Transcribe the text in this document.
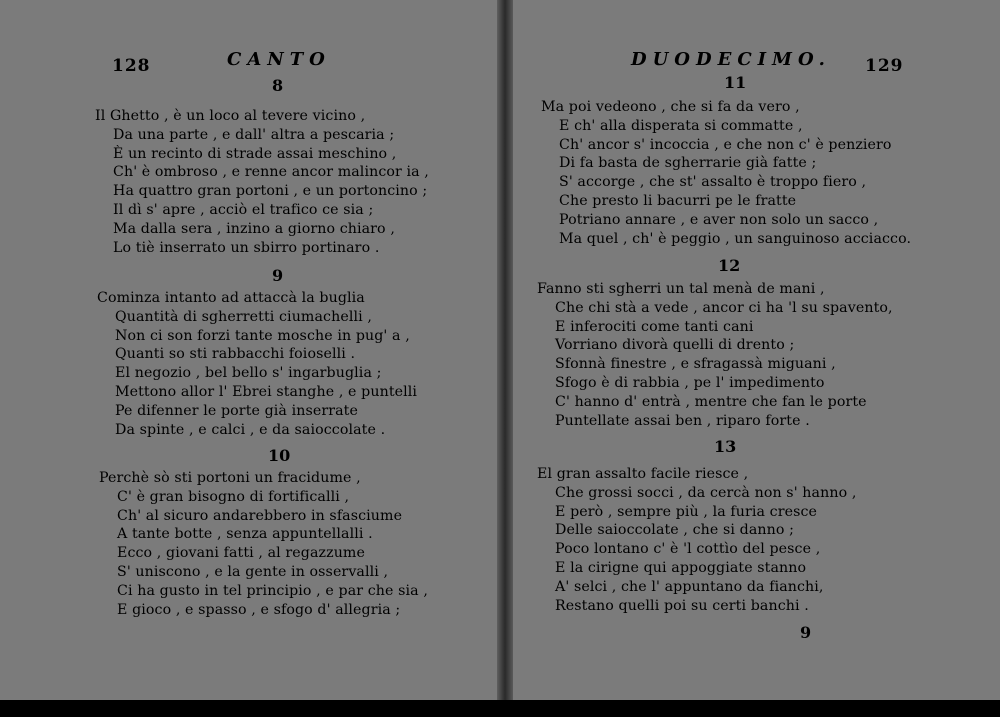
128	CANTO
8
Il Ghetto , è un loco al tevere vicino ,
Da una parte , e dall' altra a pescaria ;
È un recinto di strade assai meschino ,
Ch' è ombroso , e renne ancor malincor ia ,
Ha quattro gran portoni , e un portoncino ;
Il dì s' apre , acciò el trafico ce sia ;
Ma dalla sera , inzino a giorno chiaro ,
Lo tiè inserrato un sbirro portinaro .
9
Cominza intanto ad attaccà la buglia
Quantità di sgherretti ciumachelli ,
Non ci son forzi tante mosche in pug' a ,
Quanti so sti rabbacchi foioselli .
El negozio , bel bello s' ingarbuglia ;
Mettono allor l' Ebrei stanghe , e puntelli
Pe difenner le porte già inserrate
Da spinte , e calci , e da saioccolate .
10
Perchè sò sti portoni un fracidume ,
C' è gran bisogno di fortificalli ,
Ch' al sicuro andarebbero in sfasciume
A tante botte , senza appuntellalli .
Ecco , giovani fatti , al regazzume
S' uniscono , e la gente in osservalli ,
Ci ha gusto in tel principio , e par che sia ,
E gioco , e spasso , e sfogo d' allegria ;
DUODECIMO. 129
11
Ma poi vedeono , che si fa da vero ,
E ch' alla disperata si commatte ,
Ch' ancor s' incoccia , e che non c' è penziero
Di fa basta de sgherrarie già fatte ;
S' accorge , che st' assalto è troppo fiero ,
Che presto li bacurri pe le fratte
Potriano annare , e aver non solo un sacco ,
Ma quel , ch' è peggio , un sanguinoso acciacco.
12
Fanno sti sgherri un tal menà de mani ,
Che chi stà a vede , ancor ci ha 'l su spavento,
E inferociti come tanti cani
Vorriano divorà quelli di drento ;
Sfonnà finestre , e sfragassà miguani ,
Sfogo è di rabbia , pe l' impedimento
C' hanno d' entrà , mentre che fan le porte
Puntellate assai ben , riparo forte .
13
El gran assalto facile riesce ,
Che grossi socci , da cercà non s' hanno ,
E però , sempre più , la furia cresce
Delle saioccolate , che si danno ;
Poco lontano c' è 'l cottìo del pesce ,
E la cirigne qui appoggiate stanno
A' selci , che l' appuntano da fianchi,
Restano quelli poi su certi banchi .
9
